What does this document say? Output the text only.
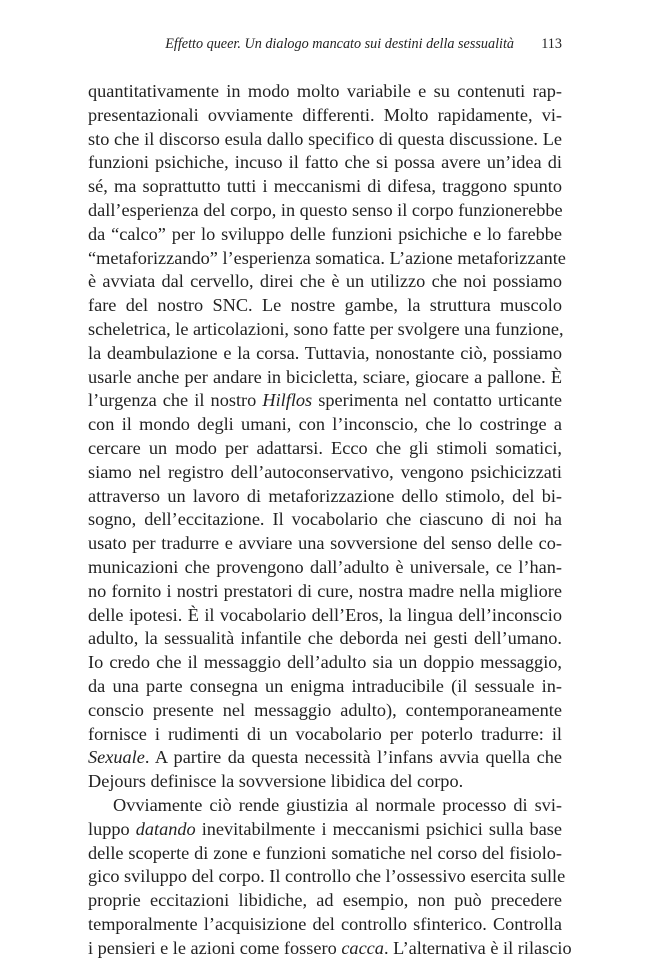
Effetto queer. Un dialogo mancato sui destini della sessualità 113
quantitativamente in modo molto variabile e su contenuti rap-
presentazionali ovviamente differenti. Molto rapidamente, vi-
sto che il discorso esula dallo specifico di questa discussione. Le
funzioni psichiche, incuso il fatto che si possa avere un’idea di
sé, ma soprattutto tutti i meccanismi di difesa, traggono spunto
dall’esperienza del corpo, in questo senso il corpo funzionerebbe
da “calco” per lo sviluppo delle funzioni psichiche e lo farebbe
“metaforizzando” l’esperienza somatica. L’azione metaforizzante
è avviata dal cervello, direi che è un utilizzo che noi possiamo
fare del nostro SNC. Le nostre gambe, la struttura muscolo
scheletrica, le articolazioni, sono fatte per svolgere una funzione,
la deambulazione e la corsa. Tuttavia, nonostante ciò, possiamo
usarle anche per andare in bicicletta, sciare, giocare a pallone. È
l’urgenza che il nostro Hilflos sperimenta nel contatto urticante
con il mondo degli umani, con l’inconscio, che lo costringe a
cercare un modo per adattarsi. Ecco che gli stimoli somatici,
siamo nel registro dell’autoconservativo, vengono psichicizzati
attraverso un lavoro di metaforizzazione dello stimolo, del bi-
sogno, dell’eccitazione. Il vocabolario che ciascuno di noi ha
usato per tradurre e avviare una sovversione del senso delle co-
municazioni che provengono dall’adulto è universale, ce l’han-
no fornito i nostri prestatori di cure, nostra madre nella migliore
delle ipotesi. È il vocabolario dell’Eros, la lingua dell’inconscio
adulto, la sessualità infantile che deborda nei gesti dell’umano.
Io credo che il messaggio dell’adulto sia un doppio messaggio,
da una parte consegna un enigma intraducibile (il sessuale in-
conscio presente nel messaggio adulto), contemporaneamente
fornisce i rudimenti di un vocabolario per poterlo tradurre: il
Sexuale. A partire da questa necessità l’infans avvia quella che
Dejours definisce la sovversione libidica del corpo.
Ovviamente ciò rende giustizia al normale processo di svi-
luppo datando inevitabilmente i meccanismi psichici sulla base
delle scoperte di zone e funzioni somatiche nel corso del fisiolo-
gico sviluppo del corpo. Il controllo che l’ossessivo esercita sulle
proprie eccitazioni libidiche, ad esempio, non può precedere
temporalmente l’acquisizione del controllo sfinterico. Controlla
i pensieri e le azioni come fossero cacca. L’alternativa è il rilascio
